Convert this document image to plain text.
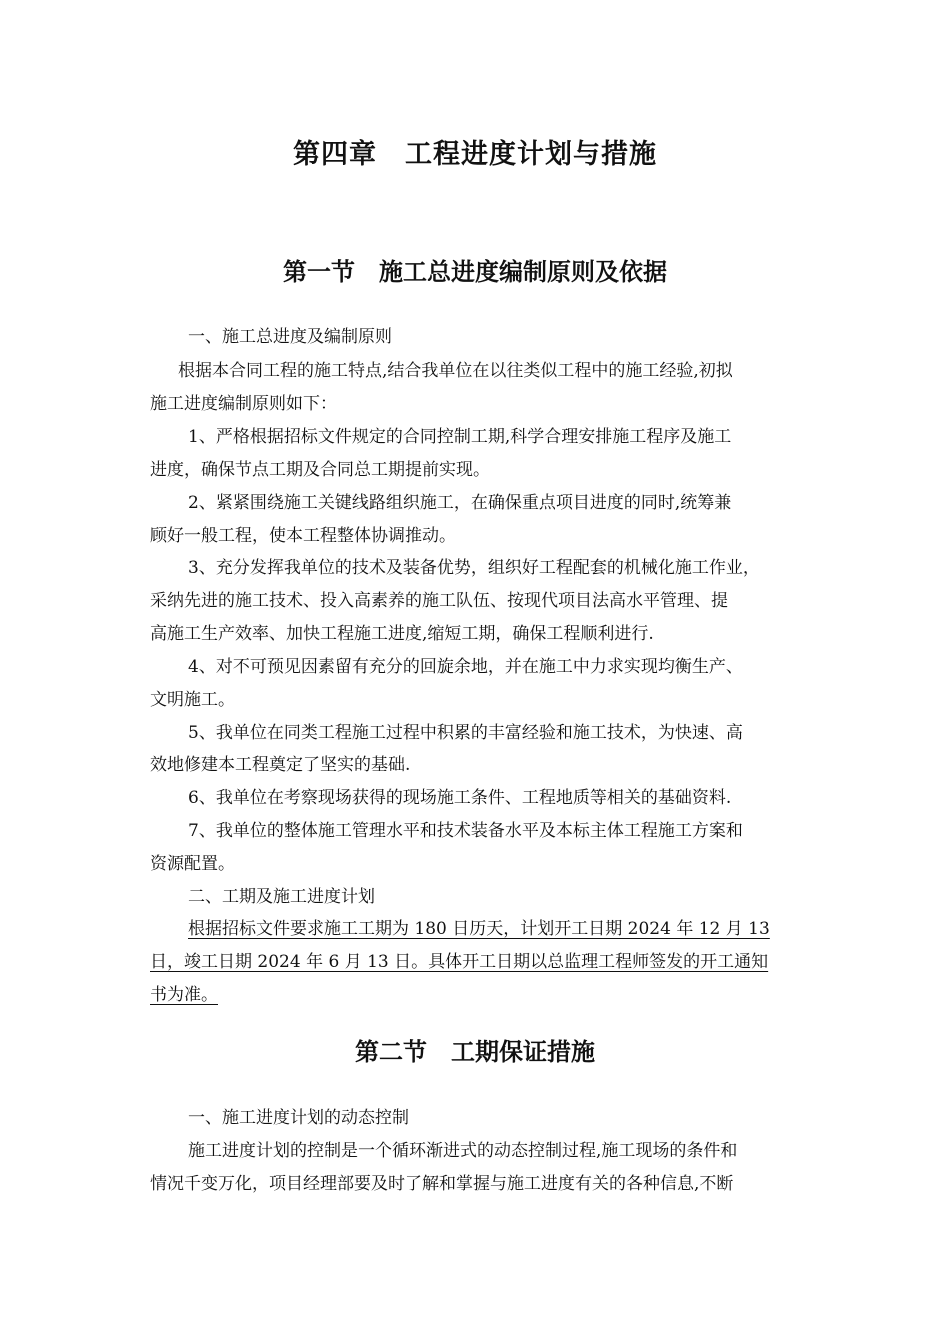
第四章　工程进度计划与措施
第一节　施工总进度编制原则及依据
一、施工总进度及编制原则
根据本合同工程的施工特点,结合我单位在以往类似工程中的施工经验,初拟
施工进度编制原则如下：
1、严格根据招标文件规定的合同控制工期,科学合理安排施工程序及施工
进度，确保节点工期及合同总工期提前实现。
2、紧紧围绕施工关键线路组织施工，在确保重点项目进度的同时,统筹兼
顾好一般工程，使本工程整体协调推动。
3、充分发挥我单位的技术及装备优势，组织好工程配套的机械化施工作业，
采纳先进的施工技术、投入高素养的施工队伍、按现代项目法高水平管理、提
高施工生产效率、加快工程施工进度,缩短工期，确保工程顺利进行.
4、对不可预见因素留有充分的回旋余地，并在施工中力求实现均衡生产、
文明施工。
5、我单位在同类工程施工过程中积累的丰富经验和施工技术，为快速、高
效地修建本工程奠定了坚实的基础.
6、我单位在考察现场获得的现场施工条件、工程地质等相关的基础资料.
7、我单位的整体施工管理水平和技术装备水平及本标主体工程施工方案和
资源配置。
二、工期及施工进度计划
根据招标文件要求施工工期为 180 日历天，计划开工日期 2024 年 12 月 13
日，竣工日期 2024 年 6 月 13 日。具体开工日期以总监理工程师签发的开工通知
书为准。
第二节　工期保证措施
一、施工进度计划的动态控制
施工进度计划的控制是一个循环渐进式的动态控制过程,施工现场的条件和
情况千变万化，项目经理部要及时了解和掌握与施工进度有关的各种信息,不断
